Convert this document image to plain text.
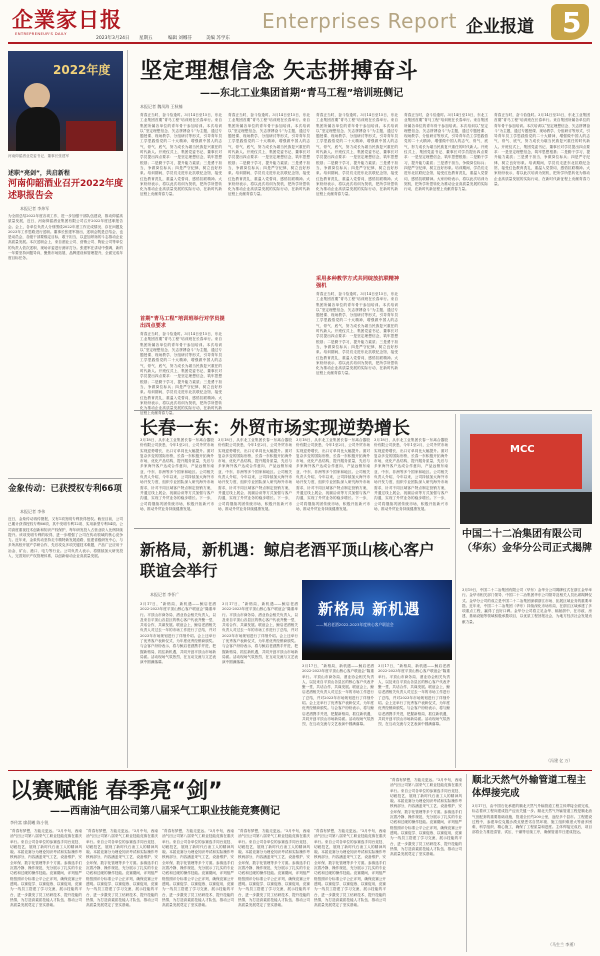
企業家日报
ENTREPRENEUR'S DAILY
2023年3月24日 星期五	编辑 刘娜芬	美编 苏学东
Enterprises Report 企业报道 5
2022年度
河南仰韶酒业党委书记、董事长张建军
述职“亮剑”，共启新程
河南仰韶酒业召开2022年度述职报告会
本报记者 李炜军
为全面总结2022年度各项工作，进一步加强干部队伍建设，推动仰韶高质量发展，近日，河南仰韶酒业集团有限公司召开2022年度述职报告会。会上，各单位负责人分别围绕2022年度工作完成情况、存在问题及2023年工作思路进行述职。董事长张建军指出，述职会既是总结会，也是动员会，各级干部要锚定目标，敢于担当，以更加昂扬的斗志推动企业高质量发展。本次述职会上，来自酒业公司、营销公司、陶业公司等单位的负责人依次述职，现场评委进行测评打分。张建军在讲话中强调，新的一年要坚持问题导向，聚焦市场拓展、品牌建设和管理提升，全面完成年度目标任务。
金象传动：已获授权专利66项
本报记者 李伟
近日，金象传动再传捷报，又有1项发明专利获得授权。截至目前，公司已累计获得授权专利66项，其中发明专利12项、实用新型专利54项。公司高度重视技术创新和知识产权保护，每年研发投入占营业收入比例持续提升。该项发明专利的取得，进一步增强了公司在传动领域的核心竞争力。近年来，金象传动坚持走专精特新发展道路，组建省级研发中心，与多所高校开展产学研合作，先后攻克多项关键技术难题，产品广泛应用于冶金、矿山、港口、电力等行业。公司负责人表示，将继续加大研发投入，完善知识产权管理体系，以创新驱动企业高质量发展。
坚定理想信念 矢志拼搏奋斗
——东北工业集团首期“青马工程”培训班侧记
本报记者 魏凤海 王秋楠
青春正当时，奋斗恰逢时。3月14日至15日，东北工业集团首期“青马工程”培训班在长春举行。来自集团所属各单位的青年骨干参加培训。本次培训以“坚定理想信念、矢志拼搏奋斗”为主题，通过专题授课、现场教学、分组研讨等形式，引导青年员工学思践悟党的二十大精神，增强做中国人的志气、骨气、底气，努力成长为堪当民族复兴重任的时代新人。开班仪式上，集团党委书记、董事长对学员提出四点要求：一是坚定理想信念，筑牢思想根基；二是勤于学习，提升能力素质；三是勇于担当，争做岗位标兵；四是严守纪律，树立良好形象。培训期间，学员们走进东北抗联纪念馆，接受红色教育洗礼，重温入党誓词，感悟抗联精神。大家纷纷表示，将以此次培训为契机，把所学所思转化为推动企业高质量发展的实际行动，在新时代新征程上贡献青春力量。
首期“青马工程”培训班举行对学员提出四点要求
青春正当时，奋斗恰逢时。3月14日至15日，东北工业集团首期“青马工程”培训班在长春举行。来自集团所属各单位的青年骨干参加培训。本次培训以“坚定理想信念、矢志拼搏奋斗”为主题，通过专题授课、现场教学、分组研讨等形式，引导青年员工学思践悟党的二十大精神，增强做中国人的志气、骨气、底气，努力成长为堪当民族复兴重任的时代新人。开班仪式上，集团党委书记、董事长对学员提出四点要求：一是坚定理想信念，筑牢思想根基；二是勤于学习，提升能力素质；三是勇于担当，争做岗位标兵；四是严守纪律，树立良好形象。培训期间，学员们走进东北抗联纪念馆，接受红色教育洗礼，重温入党誓词，感悟抗联精神。大家纷纷表示，将以此次培训为契机，把所学所思转化为推动企业高质量发展的实际行动，在新时代新征程上贡献青春力量。
青春正当时，奋斗恰逢时。3月14日至15日，东北工业集团首期“青马工程”培训班在长春举行。来自集团所属各单位的青年骨干参加培训。本次培训以“坚定理想信念、矢志拼搏奋斗”为主题，通过专题授课、现场教学、分组研讨等形式，引导青年员工学思践悟党的二十大精神，增强做中国人的志气、骨气、底气，努力成长为堪当民族复兴重任的时代新人。开班仪式上，集团党委书记、董事长对学员提出四点要求：一是坚定理想信念，筑牢思想根基；二是勤于学习，提升能力素质；三是勇于担当，争做岗位标兵；四是严守纪律，树立良好形象。培训期间，学员们走进东北抗联纪念馆，接受红色教育洗礼，重温入党誓词，感悟抗联精神。大家纷纷表示，将以此次培训为契机，把所学所思转化为推动企业高质量发展的实际行动，在新时代新征程上贡献青春力量。
青春正当时，奋斗恰逢时。3月14日至15日，东北工业集团首期“青马工程”培训班在长春举行。来自集团所属各单位的青年骨干参加培训。本次培训以“坚定理想信念、矢志拼搏奋斗”为主题，通过专题授课、现场教学、分组研讨等形式，引导青年员工学思践悟党的二十大精神，增强做中国人的志气、骨气、底气，努力成长为堪当民族复兴重任的时代新人。开班仪式上，集团党委书记、董事长对学员提出四点要求：一是坚定理想信念，筑牢思想根基；二是勤于学习，提升能力素质；三是勇于担当，争做岗位标兵；四是严守纪律，树立良好形象。培训期间，学员们走进东北抗联纪念馆，接受红色教育洗礼，重温入党誓词，感悟抗联精神。大家纷纷表示，将以此次培训为契机，把所学所思转化为推动企业高质量发展的实际行动，在新时代新征程上贡献青春力量。
采用多种教学方式共同绽放抗联精神强机
青春正当时，奋斗恰逢时。3月14日至15日，东北工业集团首期“青马工程”培训班在长春举行。来自集团所属各单位的青年骨干参加培训。本次培训以“坚定理想信念、矢志拼搏奋斗”为主题，通过专题授课、现场教学、分组研讨等形式，引导青年员工学思践悟党的二十大精神，增强做中国人的志气、骨气、底气，努力成长为堪当民族复兴重任的时代新人。开班仪式上，集团党委书记、董事长对学员提出四点要求：一是坚定理想信念，筑牢思想根基；二是勤于学习，提升能力素质；三是勇于担当，争做岗位标兵；四是严守纪律，树立良好形象。培训期间，学员们走进东北抗联纪念馆，接受红色教育洗礼，重温入党誓词，感悟抗联精神。大家纷纷表示，将以此次培训为契机，把所学所思转化为推动企业高质量发展的实际行动，在新时代新征程上贡献青春力量。
青春正当时，奋斗恰逢时。3月14日至15日，东北工业集团首期“青马工程”培训班在长春举行。来自集团所属各单位的青年骨干参加培训。本次培训以“坚定理想信念、矢志拼搏奋斗”为主题，通过专题授课、现场教学、分组研讨等形式，引导青年员工学思践悟党的二十大精神，增强做中国人的志气、骨气、底气，努力成长为堪当民族复兴重任的时代新人。开班仪式上，集团党委书记、董事长对学员提出四点要求：一是坚定理想信念，筑牢思想根基；二是勤于学习，提升能力素质；三是勇于担当，争做岗位标兵；四是严守纪律，树立良好形象。培训期间，学员们走进东北抗联纪念馆，接受红色教育洗礼，重温入党誓词，感悟抗联精神。大家纷纷表示，将以此次培训为契机，把所学所思转化为推动企业高质量发展的实际行动，在新时代新征程上贡献青春力量。
青春正当时，奋斗恰逢时。3月14日至15日，东北工业集团首期“青马工程”培训班在长春举行。来自集团所属各单位的青年骨干参加培训。本次培训以“坚定理想信念、矢志拼搏奋斗”为主题，通过专题授课、现场教学、分组研讨等形式，引导青年员工学思践悟党的二十大精神，增强做中国人的志气、骨气、底气，努力成长为堪当民族复兴重任的时代新人。开班仪式上，集团党委书记、董事长对学员提出四点要求：一是坚定理想信念，筑牢思想根基；二是勤于学习，提升能力素质；三是勇于担当，争做岗位标兵；四是严守纪律，树立良好形象。培训期间，学员们走进东北抗联纪念馆，接受红色教育洗礼，重温入党誓词，感悟抗联精神。大家纷纷表示，将以此次培训为契机，把所学所思转化为推动企业高质量发展的实际行动，在新时代新征程上贡献青春力量。
长春一东：外贸市场实现逆势增长
3月18日，从东北工业集团长春一东离合器股份有限公司获悉，今年1至2月，公司外贸市场实现逆势增长，出口订单同比大幅提升。面对复杂多变的国际形势，长春一东积极开拓海外市场，优化产品结构，提升服务质量，先后与多家海外客户达成合作意向，产品远销东南亚、中东、非洲等多个国家和地区。公司相关负责人介绍，今年以来，公司持续加大海外市场开发力度，组织专业团队深入研究海外市场需求，针对不同区域客户特点制定营销方案，并通过线上展会、视频洽谈等方式加强与客户沟通，实现了外贸业务的稳步增长。下一步，公司将继续巩固传统市场，积极开拓新兴市场，推动外贸业务持续健康发展。
3月18日，从东北工业集团长春一东离合器股份有限公司获悉，今年1至2月，公司外贸市场实现逆势增长，出口订单同比大幅提升。面对复杂多变的国际形势，长春一东积极开拓海外市场，优化产品结构，提升服务质量，先后与多家海外客户达成合作意向，产品远销东南亚、中东、非洲等多个国家和地区。公司相关负责人介绍，今年以来，公司持续加大海外市场开发力度，组织专业团队深入研究海外市场需求，针对不同区域客户特点制定营销方案，并通过线上展会、视频洽谈等方式加强与客户沟通，实现了外贸业务的稳步增长。下一步，公司将继续巩固传统市场，积极开拓新兴市场，推动外贸业务持续健康发展。
3月18日，从东北工业集团长春一东离合器股份有限公司获悉，今年1至2月，公司外贸市场实现逆势增长，出口订单同比大幅提升。面对复杂多变的国际形势，长春一东积极开拓海外市场，优化产品结构，提升服务质量，先后与多家海外客户达成合作意向，产品远销东南亚、中东、非洲等多个国家和地区。公司相关负责人介绍，今年以来，公司持续加大海外市场开发力度，组织专业团队深入研究海外市场需求，针对不同区域客户特点制定营销方案，并通过线上展会、视频洽谈等方式加强与客户沟通，实现了外贸业务的稳步增长。下一步，公司将继续巩固传统市场，积极开拓新兴市场，推动外贸业务持续健康发展。
3月18日，从东北工业集团长春一东离合器股份有限公司获悉，今年1至2月，公司外贸市场实现逆势增长，出口订单同比大幅提升。面对复杂多变的国际形势，长春一东积极开拓海外市场，优化产品结构，提升服务质量，先后与多家海外客户达成合作意向，产品远销东南亚、中东、非洲等多个国家和地区。公司相关负责人介绍，今年以来，公司持续加大海外市场开发力度，组织专业团队深入研究海外市场需求，针对不同区域客户特点制定营销方案，并通过线上展会、视频洽谈等方式加强与客户沟通，实现了外贸业务的稳步增长。下一步，公司将继续巩固传统市场，积极开拓新兴市场，推动外贸业务持续健康发展。
新格局，新机遇：鲸启老酒平顶山核心客户联谊会举行
本报记者 李怀广
3月17日，“新格局，新机遇——鲸启老酒2022-2023年度平顶山核心客户联谊会”隆重举行。平顶山市商务局、酒业协会相关负责人，以及来自平顶山各县区的核心客户代表齐聚一堂，共话合作，共谋发展。联谊会上，鲸启老酒相关负责人对过去一年的市场工作进行了总结，并对2023年市场规划进行了详细介绍。会上还举行了优秀客户表彰仪式，为年度优秀经销商颁奖。与会客户纷纷表示，将与鲸启老酒携手并进，把握新格局，抓住新机遇，共同开创平顶山市场新局面。活动现场气氛热烈，在互动交流与文艺表演中圆满落幕。
3月17日，“新格局，新机遇——鲸启老酒2022-2023年度平顶山核心客户联谊会”隆重举行。平顶山市商务局、酒业协会相关负责人，以及来自平顶山各县区的核心客户代表齐聚一堂，共话合作，共谋发展。联谊会上，鲸启老酒相关负责人对过去一年的市场工作进行了总结，并对2023年市场规划进行了详细介绍。会上还举行了优秀客户表彰仪式，为年度优秀经销商颁奖。与会客户纷纷表示，将与鲸启老酒携手并进，把握新格局，抓住新机遇，共同开创平顶山市场新局面。活动现场气氛热烈，在互动交流与文艺表演中圆满落幕。
新格局 新机遇
——鲸启老酒2022-2023年度核心客户联谊会
3月17日，“新格局，新机遇——鲸启老酒2022-2023年度平顶山核心客户联谊会”隆重举行。平顶山市商务局、酒业协会相关负责人，以及来自平顶山各县区的核心客户代表齐聚一堂，共话合作，共谋发展。联谊会上，鲸启老酒相关负责人对过去一年的市场工作进行了总结，并对2023年市场规划进行了详细介绍。会上还举行了优秀客户表彰仪式，为年度优秀经销商颁奖。与会客户纷纷表示，将与鲸启老酒携手并进，把握新格局，抓住新机遇，共同开创平顶山市场新局面。活动现场气氛热烈，在互动交流与文艺表演中圆满落幕。
3月17日，“新格局，新机遇——鲸启老酒2022-2023年度平顶山核心客户联谊会”隆重举行。平顶山市商务局、酒业协会相关负责人，以及来自平顶山各县区的核心客户代表齐聚一堂，共话合作，共谋发展。联谊会上，鲸启老酒相关负责人对过去一年的市场工作进行了总结，并对2023年市场规划进行了详细介绍。会上还举行了优秀客户表彰仪式，为年度优秀经销商颁奖。与会客户纷纷表示，将与鲸启老酒携手并进，把握新格局，抓住新机遇，共同开创平顶山市场新局面。活动现场气氛热烈，在互动交流与文艺表演中圆满落幕。
MCC
中国二十二冶集团有限公司（华东）金华分公司正式揭牌
3月19日，中国二十二冶集团有限公司（华东）金华分公司揭牌仪式在浙江金华举行。金华市相关部门领导、中国二十二冶集团华东公司领导及相关人员出席揭牌仪式。金华分公司的成立是中国二十二冶集团深耕浙江市场、拓展区域业务的重要举措。近年来，中国二十二冶集团（华东）持续深化市场布局，在浙江区域承建了多项重点工程，赢得了良好口碑。金华分公司将立足金华、辐射浙中，在市政、房建、基础设施等领域积极承揽项目，以优质工程回报社会，为地方经济社会发展贡献力量。
（冯建 亿 万）
以赛赋能 春季亮“剑”
——西南油气田公司第八届采气工职业技能竞赛侧记
李传富 廖晨曦 陈小锐
“青春有梦想，方能走更远。”3月中旬，西南油气田公司第八届采气工职业技能竞赛在重庆举行。来自公司各单位的参赛选手同台竞技、切磋技艺，展现了新时代石油工人的精神风貌。本届竞赛分为理论知识考试和实际操作考核两部分，内容涵盖采气工艺、设备维护、安全环保、数字化管理等多个方面。参赛选手们沉着冷静、操作规范，充分展示了扎实的专业功底和过硬的操作技能。竞赛期间，评判组严格按照评分标准公平公正评判，确保竞赛公开透明。以赛促学、以赛促练、以赛促用，竞赛为一线员工搭建了学习交流、展示技能的平台，进一步激发了员工钻研技术、提升技能的热情，为打造高素质技能人才队伍、推动公司高质量发展奠定了坚实基础。
“青春有梦想，方能走更远。”3月中旬，西南油气田公司第八届采气工职业技能竞赛在重庆举行。来自公司各单位的参赛选手同台竞技、切磋技艺，展现了新时代石油工人的精神风貌。本届竞赛分为理论知识考试和实际操作考核两部分，内容涵盖采气工艺、设备维护、安全环保、数字化管理等多个方面。参赛选手们沉着冷静、操作规范，充分展示了扎实的专业功底和过硬的操作技能。竞赛期间，评判组严格按照评分标准公平公正评判，确保竞赛公开透明。以赛促学、以赛促练、以赛促用，竞赛为一线员工搭建了学习交流、展示技能的平台，进一步激发了员工钻研技术、提升技能的热情，为打造高素质技能人才队伍、推动公司高质量发展奠定了坚实基础。
“青春有梦想，方能走更远。”3月中旬，西南油气田公司第八届采气工职业技能竞赛在重庆举行。来自公司各单位的参赛选手同台竞技、切磋技艺，展现了新时代石油工人的精神风貌。本届竞赛分为理论知识考试和实际操作考核两部分，内容涵盖采气工艺、设备维护、安全环保、数字化管理等多个方面。参赛选手们沉着冷静、操作规范，充分展示了扎实的专业功底和过硬的操作技能。竞赛期间，评判组严格按照评分标准公平公正评判，确保竞赛公开透明。以赛促学、以赛促练、以赛促用，竞赛为一线员工搭建了学习交流、展示技能的平台，进一步激发了员工钻研技术、提升技能的热情，为打造高素质技能人才队伍、推动公司高质量发展奠定了坚实基础。
“青春有梦想，方能走更远。”3月中旬，西南油气田公司第八届采气工职业技能竞赛在重庆举行。来自公司各单位的参赛选手同台竞技、切磋技艺，展现了新时代石油工人的精神风貌。本届竞赛分为理论知识考试和实际操作考核两部分，内容涵盖采气工艺、设备维护、安全环保、数字化管理等多个方面。参赛选手们沉着冷静、操作规范，充分展示了扎实的专业功底和过硬的操作技能。竞赛期间，评判组严格按照评分标准公平公正评判，确保竞赛公开透明。以赛促学、以赛促练、以赛促用，竞赛为一线员工搭建了学习交流、展示技能的平台，进一步激发了员工钻研技术、提升技能的热情，为打造高素质技能人才队伍、推动公司高质量发展奠定了坚实基础。
“青春有梦想，方能走更远。”3月中旬，西南油气田公司第八届采气工职业技能竞赛在重庆举行。来自公司各单位的参赛选手同台竞技、切磋技艺，展现了新时代石油工人的精神风貌。本届竞赛分为理论知识考试和实际操作考核两部分，内容涵盖采气工艺、设备维护、安全环保、数字化管理等多个方面。参赛选手们沉着冷静、操作规范，充分展示了扎实的专业功底和过硬的操作技能。竞赛期间，评判组严格按照评分标准公平公正评判，确保竞赛公开透明。以赛促学、以赛促练、以赛促用，竞赛为一线员工搭建了学习交流、展示技能的平台，进一步激发了员工钻研技术、提升技能的热情，为打造高素质技能人才队伍、推动公司高质量发展奠定了坚实基础。
“青春有梦想，方能走更远。”3月中旬，西南油气田公司第八届采气工职业技能竞赛在重庆举行。来自公司各单位的参赛选手同台竞技、切磋技艺，展现了新时代石油工人的精神风貌。本届竞赛分为理论知识考试和实际操作考核两部分，内容涵盖采气工艺、设备维护、安全环保、数字化管理等多个方面。参赛选手们沉着冷静、操作规范，充分展示了扎实的专业功底和过硬的操作技能。竞赛期间，评判组严格按照评分标准公平公正评判，确保竞赛公开透明。以赛促学、以赛促练、以赛促用，竞赛为一线员工搭建了学习交流、展示技能的平台，进一步激发了员工钻研技术、提升技能的热情，为打造高素质技能人才队伍、推动公司高质量发展奠定了坚实基础。
顺北天然气外输管道工程主体焊接完成
3月17日，由中国石化承建的顺北天然气外输管道工程主体焊接全面完成，标志着该工程向建成投产迈出关键一步。顺北天然气外输管道工程是顺北油气田配套的重要基础设施，管道全长约200公里，途经多个县市。工程建设过程中，参建单位克服沙漠戈壁恶劣自然环境、施工组织难度大等诸多困难，科学组织、精心施工，确保了工程质量和进度。主体焊接完成后，项目部将全力推进清管、试压、干燥等后续工序，确保管道早日建成投运。
（马生兰 李勇）
